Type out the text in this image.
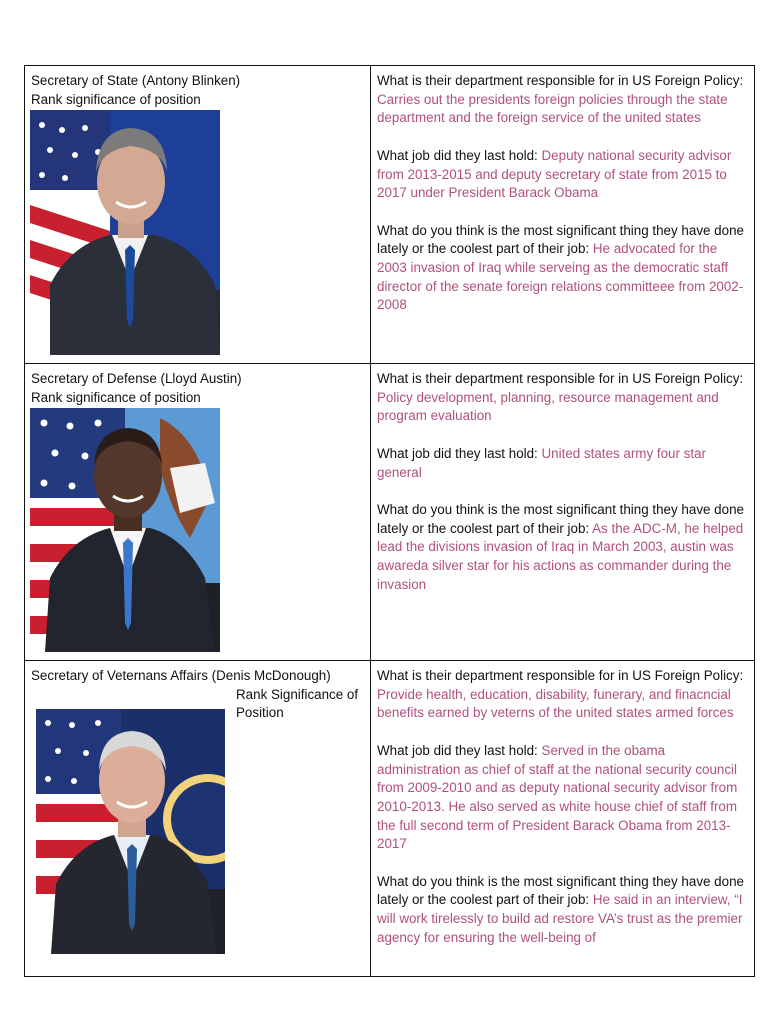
Secretary of State (Antony Blinken)
Rank significance of position
What is their department responsible for in US Foreign Policy: Carries out the presidents foreign policies through the state department and the foreign service of the united states
What job did they last hold: Deputy national security advisor from 2013-2015 and deputy secretary of state from 2015 to 2017 under President Barack Obama
What do you think is the most significant thing they have done lately or the coolest part of their job: He advocated for the 2003 invasion of Iraq while serveing as the democratic staff director of the senate foreign relations committeee from 2002-2008
Secretary of Defense (Lloyd Austin)
Rank significance of position
What is their department responsible for in US Foreign Policy: Policy development, planning, resource management and program evaluation
What job did they last hold: United states army four star general
What do you think is the most significant thing they have done lately or the coolest part of their job: As the ADC-M, he helped lead the divisions invasion of Iraq in March 2003, austin was awareda silver star for his actions as commander during the invasion
Secretary of Veternans Affairs (Denis McDonough)
Rank Significance of Position
What is their department responsible for in US Foreign Policy: Provide health, education, disability, funerary, and finacncial benefits earned by veterns of the united states armed forces
What job did they last hold: Served in the obama administration as chief of staff at the national security council from 2009-2010 and as deputy national security advisor from 2010-2013. He also served as white house chief of staff from the full second term of President Barack Obama from 2013-2017
What do you think is the most significant thing they have done lately or the coolest part of their job: He said in an interview, “I will work tirelessly to build ad restore VA’s trust as the premier agency for ensuring the well-being of
